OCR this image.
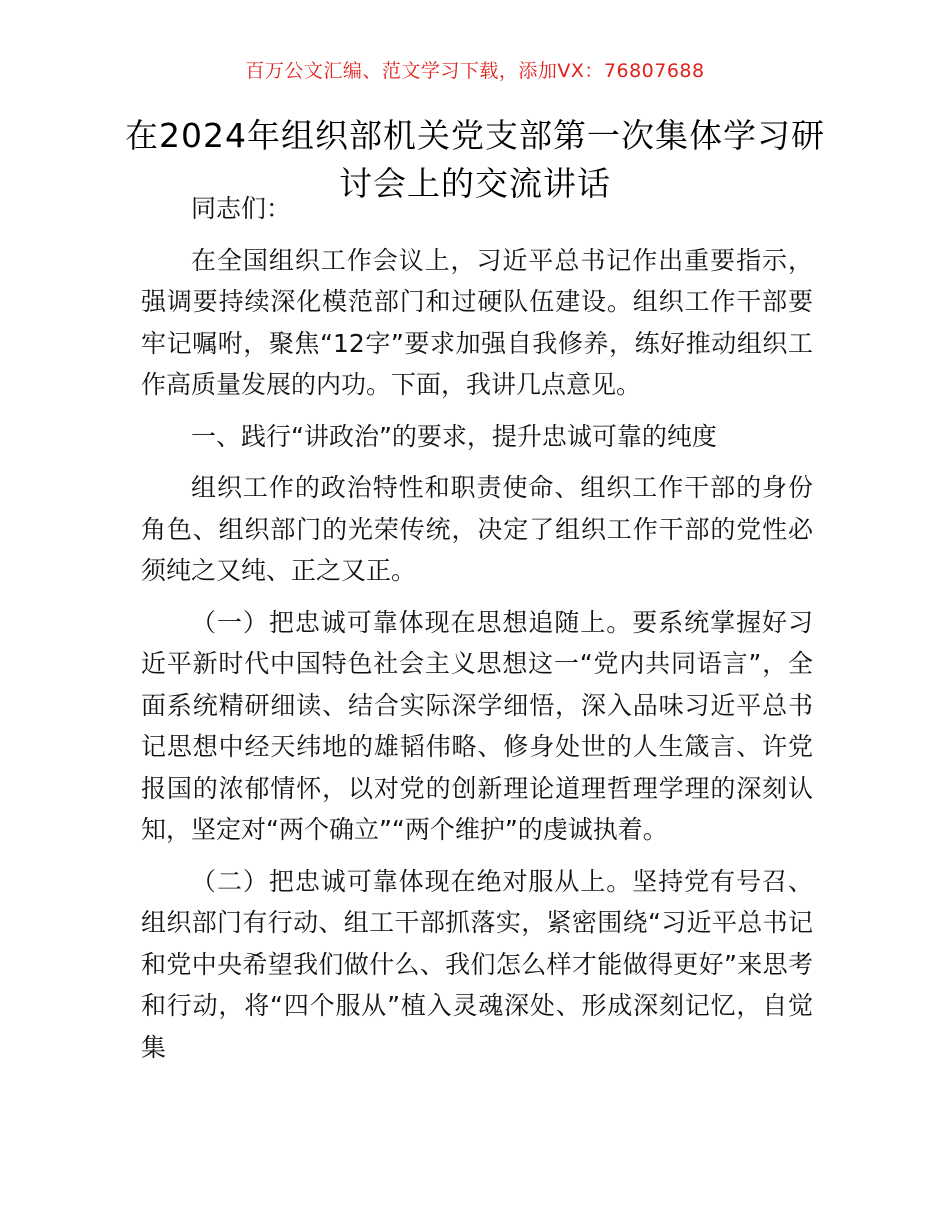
百万公文汇编、范文学习下载，添加VX：76807688
在2024年组织部机关党支部第一次集体学习研
讨会上的交流讲话

同志们：

在全国组织工作会议上，习近平总书记作出重要指示，强调要持续深化模范部门和过硬队伍建设。组织工作干部要牢记嘱咐，聚焦“12字”要求加强自我修养，练好推动组织工作高质量发展的内功。下面，我讲几点意见。

一、践行“讲政治”的要求，提升忠诚可靠的纯度

组织工作的政治特性和职责使命、组织工作干部的身份角色、组织部门的光荣传统，决定了组织工作干部的党性必须纯之又纯、正之又正。

（一）把忠诚可靠体现在思想追随上。要系统掌握好习近平新时代中国特色社会主义思想这一“党内共同语言”，全面系统精研细读、结合实际深学细悟，深入品味习近平总书记思想中经天纬地的雄韬伟略、修身处世的人生箴言、许党报国的浓郁情怀，以对党的创新理论道理哲理学理的深刻认知，坚定对“两个确立”“两个维护”的虔诚执着。

（二）把忠诚可靠体现在绝对服从上。坚持党有号召、组织部门有行动、组工干部抓落实，紧密围绕“习近平总书记和党中央希望我们做什么、我们怎么样才能做得更好”来思考和行动，将“四个服从”植入灵魂深处、形成深刻记忆，自觉集
